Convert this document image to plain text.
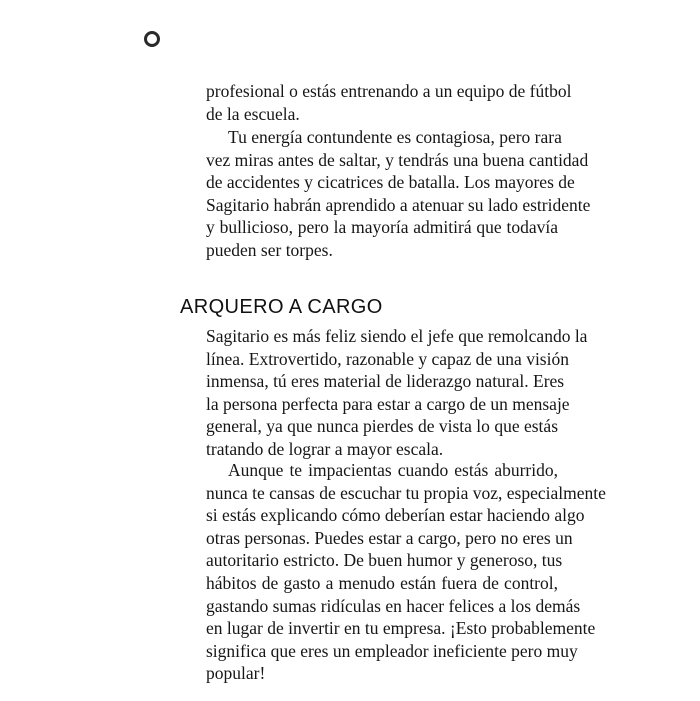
profesional o estás entrenando a un equipo de fútbol
de la escuela.
Tu energía contundente es contagiosa, pero rara
vez miras antes de saltar, y tendrás una buena cantidad
de accidentes y cicatrices de batalla. Los mayores de
Sagitario habrán aprendido a atenuar su lado estridente
y bullicioso, pero la mayoría admitirá que todavía
pueden ser torpes.
ARQUERO A CARGO
Sagitario es más feliz siendo el jefe que remolcando la
línea. Extrovertido, razonable y capaz de una visión
inmensa, tú eres material de liderazgo natural. Eres
la persona perfecta para estar a cargo de un mensaje
general, ya que nunca pierdes de vista lo que estás
tratando de lograr a mayor escala.
Aunque te impacientas cuando estás aburrido,
nunca te cansas de escuchar tu propia voz, especialmente
si estás explicando cómo deberían estar haciendo algo
otras personas. Puedes estar a cargo, pero no eres un
autoritario estricto. De buen humor y generoso, tus
hábitos de gasto a menudo están fuera de control,
gastando sumas ridículas en hacer felices a los demás
en lugar de invertir en tu empresa. ¡Esto probablemente
significa que eres un empleador ineficiente pero muy
popular!
